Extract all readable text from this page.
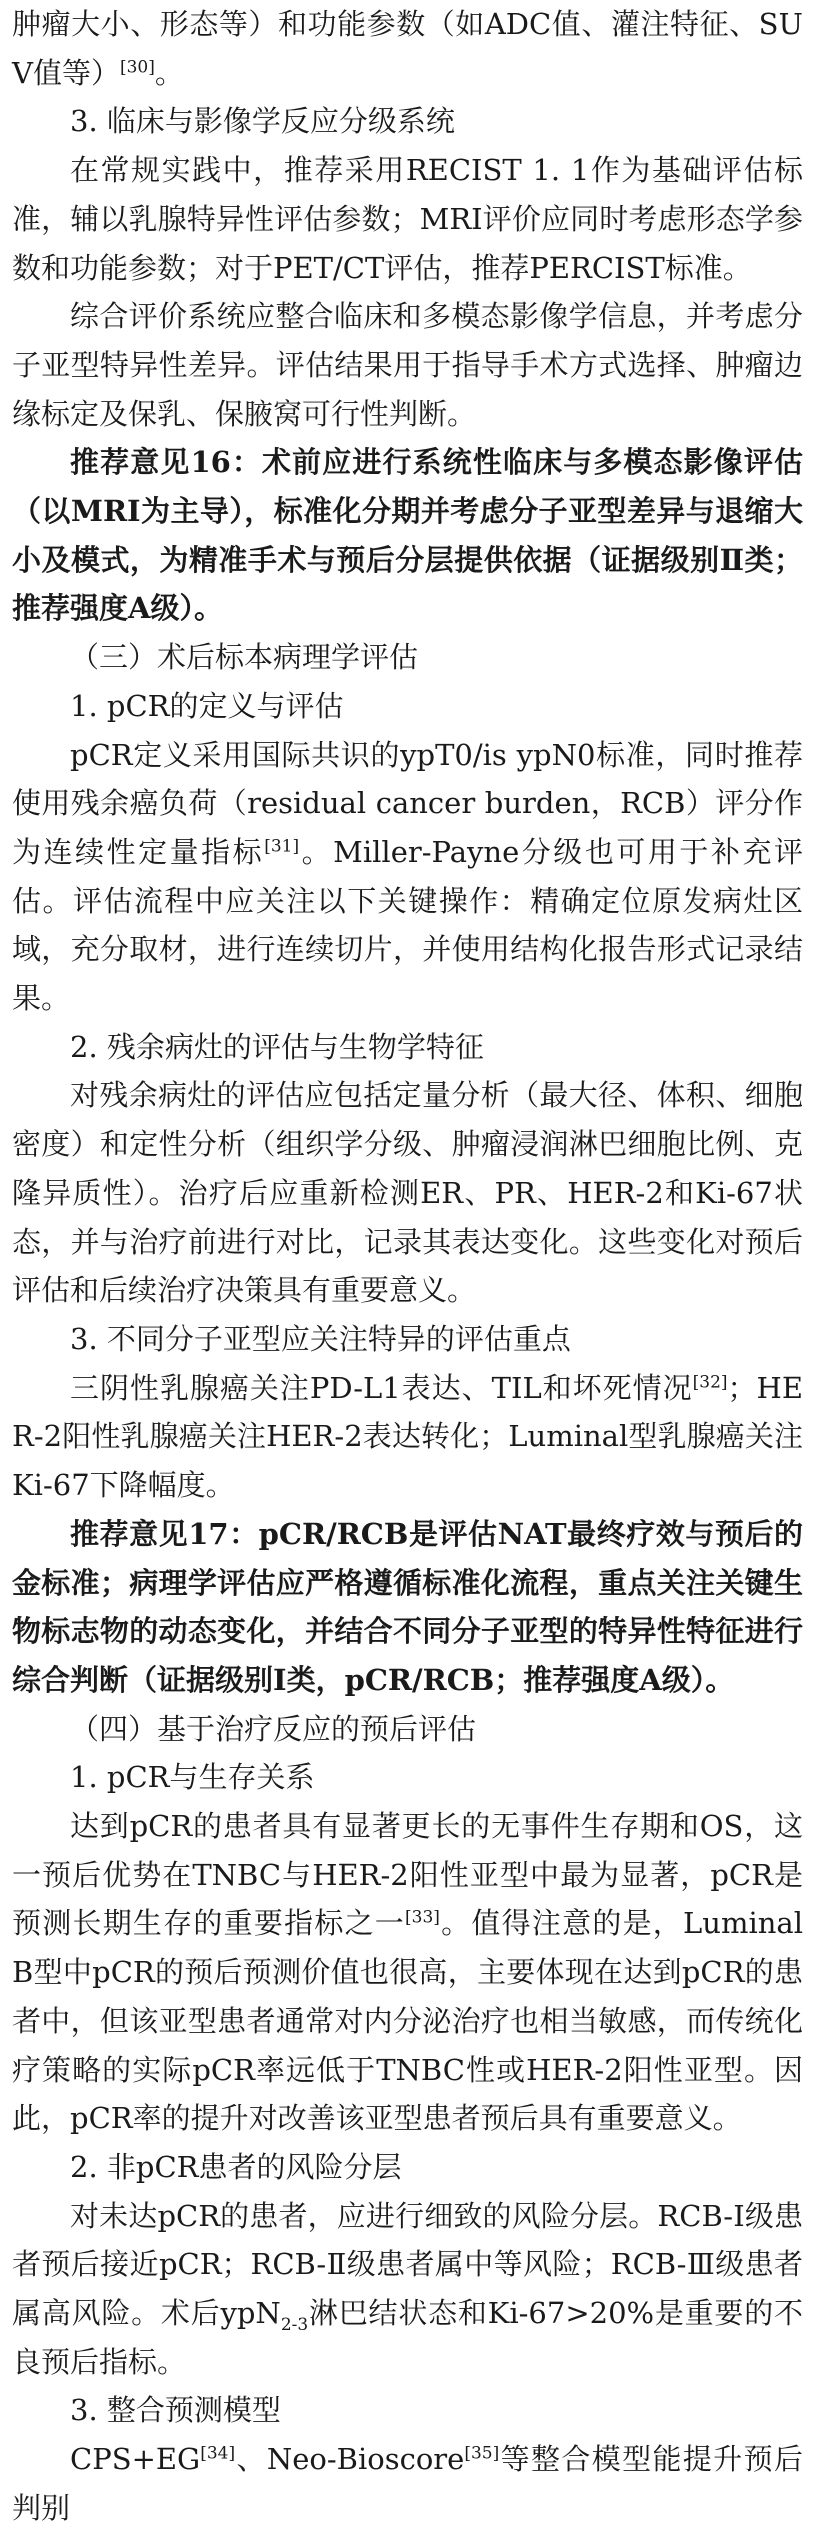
肿瘤大小、形态等）和功能参数（如ADC值、灌注特征、SUV值等）[30]。

3. 临床与影像学反应分级系统

在常规实践中，推荐采用RECIST 1. 1作为基础评估标准，辅以乳腺特异性评估参数；MRI评价应同时考虑形态学参数和功能参数；对于PET/CT评估，推荐PERCIST标准。

综合评价系统应整合临床和多模态影像学信息，并考虑分子亚型特异性差异。评估结果用于指导手术方式选择、肿瘤边缘标定及保乳、保腋窝可行性判断。

推荐意见16：术前应进行系统性临床与多模态影像评估（以MRI为主导），标准化分期并考虑分子亚型差异与退缩大小及模式，为精准手术与预后分层提供依据（证据级别Ⅱ类；推荐强度A级）。

（三）术后标本病理学评估

1. pCR的定义与评估

pCR定义采用国际共识的ypT0/is ypN0标准，同时推荐使用残余癌负荷（residual cancer burden，RCB）评分作为连续性定量指标[31]。Miller-Payne分级也可用于补充评估。评估流程中应关注以下关键操作：精确定位原发病灶区域，充分取材，进行连续切片，并使用结构化报告形式记录结果。

2. 残余病灶的评估与生物学特征

对残余病灶的评估应包括定量分析（最大径、体积、细胞密度）和定性分析（组织学分级、肿瘤浸润淋巴细胞比例、克隆异质性）。治疗后应重新检测ER、PR、HER-2和Ki-67状态，并与治疗前进行对比，记录其表达变化。这些变化对预后评估和后续治疗决策具有重要意义。

3. 不同分子亚型应关注特异的评估重点

三阴性乳腺癌关注PD-L1表达、TIL和坏死情况[32]；HER-2阳性乳腺癌关注HER-2表达转化；Luminal型乳腺癌关注Ki-67下降幅度。

推荐意见17：pCR/RCB是评估NAT最终疗效与预后的金标准；病理学评估应严格遵循标准化流程，重点关注关键生物标志物的动态变化，并结合不同分子亚型的特异性特征进行综合判断（证据级别Ⅰ类，pCR/RCB；推荐强度A级）。

（四）基于治疗反应的预后评估

1. pCR与生存关系

达到pCR的患者具有显著更长的无事件生存期和OS，这一预后优势在TNBC与HER-2阳性亚型中最为显著，pCR是预测长期生存的重要指标之一[33]。值得注意的是，Luminal B型中pCR的预后预测价值也很高，主要体现在达到pCR的患者中，但该亚型患者通常对内分泌治疗也相当敏感，而传统化疗策略的实际pCR率远低于TNBC性或HER-2阳性亚型。因此，pCR率的提升对改善该亚型患者预后具有重要意义。

2. 非pCR患者的风险分层

对未达pCR的患者，应进行细致的风险分层。RCB-Ⅰ级患者预后接近pCR；RCB-Ⅱ级患者属中等风险；RCB-Ⅲ级患者属高风险。术后ypN$_{2-3}$淋巴结状态和Ki-67>20%是重要的不良预后指标。

3. 整合预测模型

CPS+EG[34]、Neo-Bioscore[35]等整合模型能提升预后判别
